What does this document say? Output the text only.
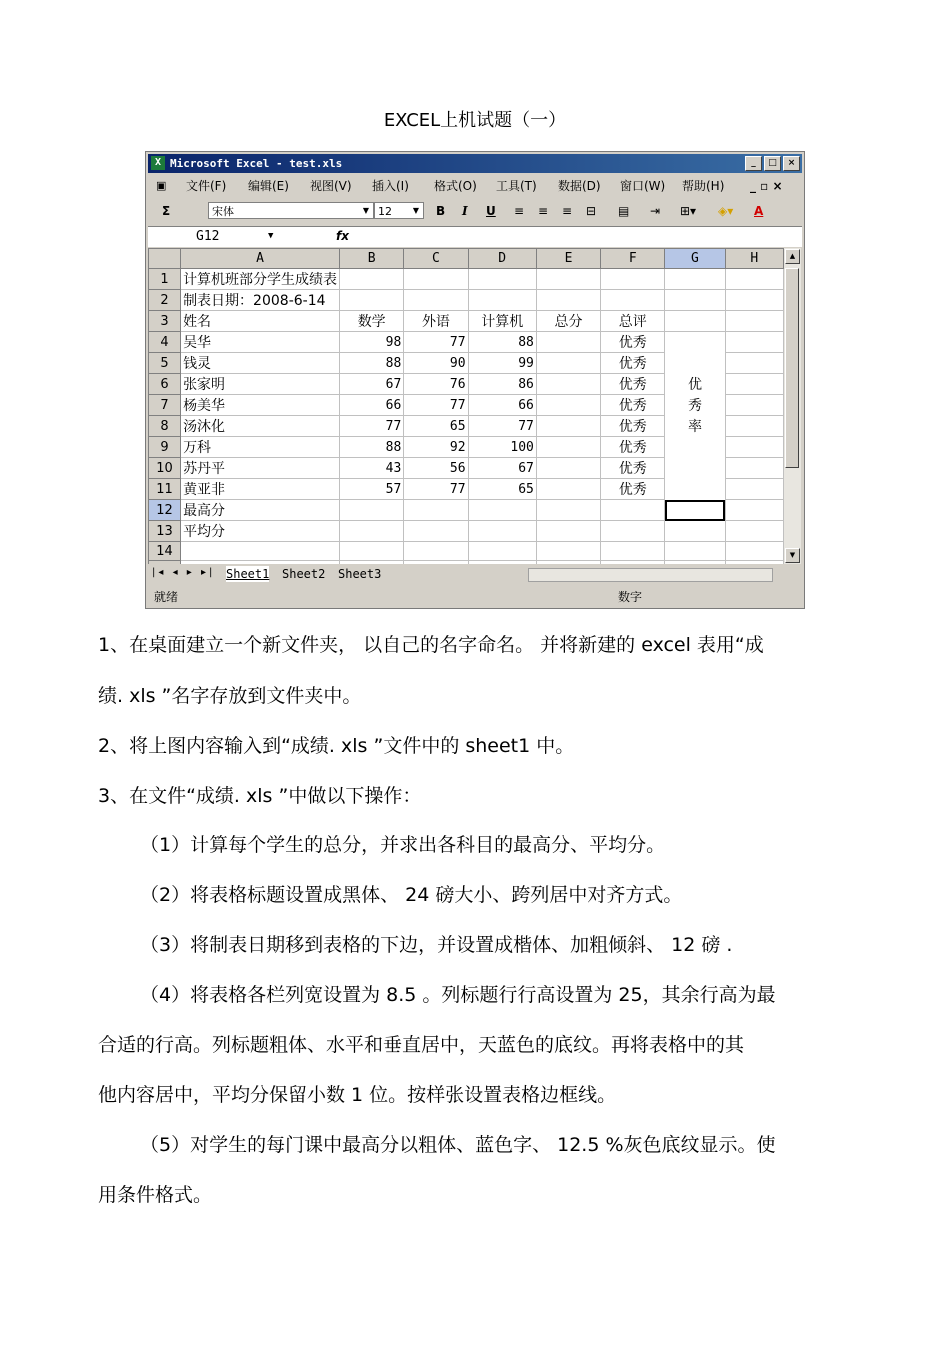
EXCEL上机试题（一）
X Microsoft Excel - test.xls	_	□	×
▣ 文件(F) 编辑(E) 视图(V) 插入(I) 格式(O) 工具(T) 数据(D) 窗口(W) 帮助(H) _ ▫ ×
Σ	宋体	▼ 12	▼ B I U ≡ ≡ ≡ ⊟ ▤ ⇥ ⊞▾ ◈▾ A
G12	▼	fx
	A	B	C	D	E	F	G	H
1	计算机班部分学生成绩表							
2	制表日期：2008-6-14							
3	姓名	数学	外语	计算机	总分	总评		
4	吴华	98	77	88		优秀		
5	钱灵	88	90	99		优秀		
6	张家明	67	76	86		优秀	优	
7	杨美华	66	77	66		优秀	秀	
8	汤沐化	77	65	77		优秀	率	
9	万科	88	92	100		优秀		
10	苏丹平	43	56	67		优秀		
11	黄亚非	57	77	65		优秀		
12	最高分							
13	平均分							
14								

▲
▼
|◂ ◂ ▸ ▸| Sheet1 Sheet2 Sheet3
就绪	数字
1、在桌面建立一个新文件夹， 以自己的名字命名。 并将新建的 excel 表用“成
绩. xls ”名字存放到文件夹中。
2、将上图内容输入到“成绩. xls ”文件中的 sheet1 中。
3、在文件“成绩. xls ”中做以下操作：
（1）计算每个学生的总分，并求出各科目的最高分、平均分。
（2）将表格标题设置成黑体、 24 磅大小、跨列居中对齐方式。
（3）将制表日期移到表格的下边，并设置成楷体、加粗倾斜、 12 磅 .
（4）将表格各栏列宽设置为 8.5 。列标题行行高设置为 25，其余行高为最
合适的行高。列标题粗体、水平和垂直居中，天蓝色的底纹。再将表格中的其
他内容居中，平均分保留小数 1 位。按样张设置表格边框线。
（5）对学生的每门课中最高分以粗体、蓝色字、 12.5 %灰色底纹显示。使
用条件格式。
